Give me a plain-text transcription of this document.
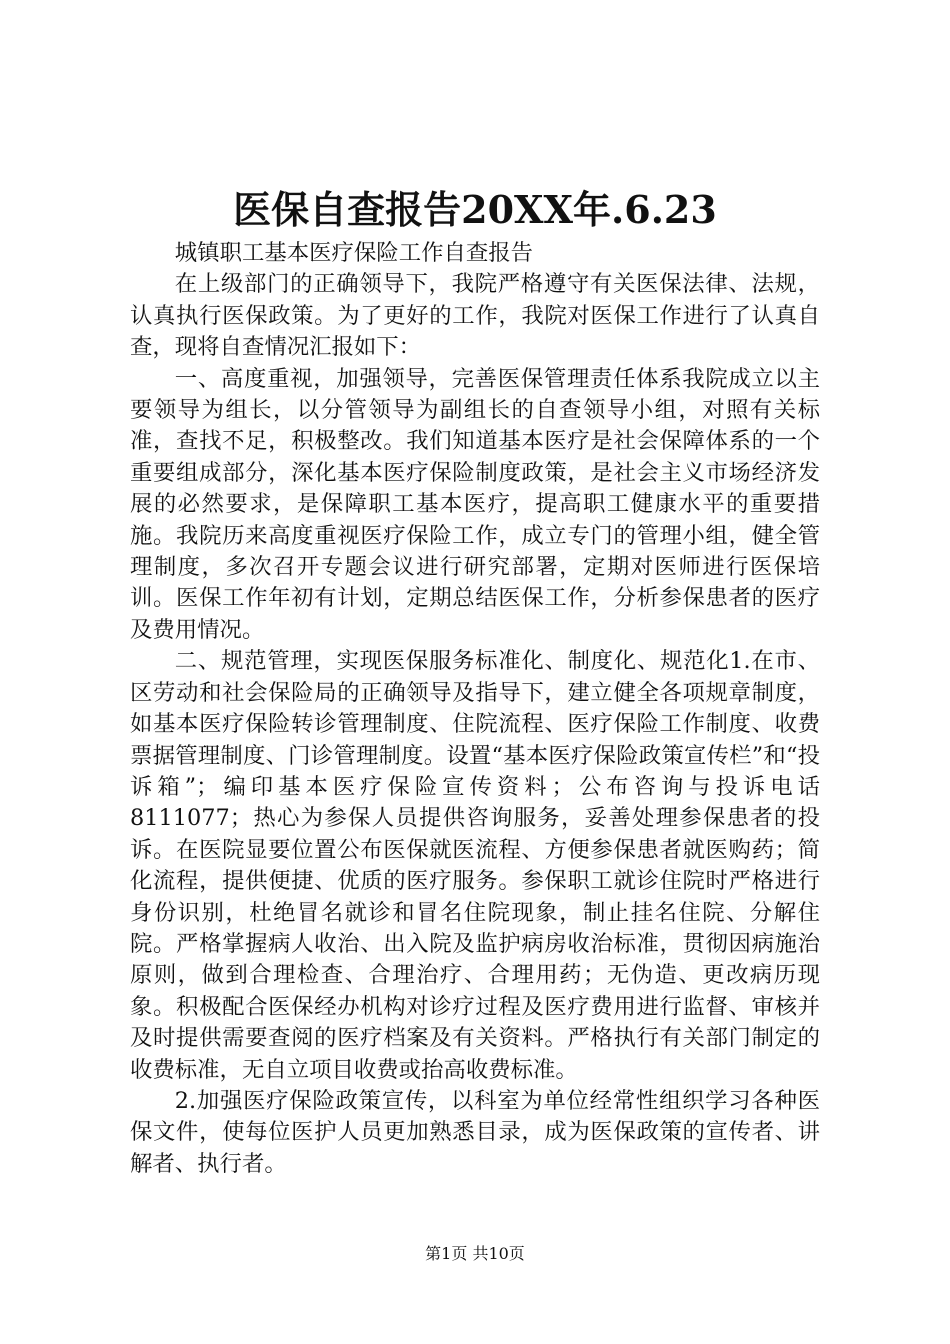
医保自查报告20XX年.6.23

城镇职工基本医疗保险工作自查报告

在上级部门的正确领导下，我院严格遵守有关医保法律、法规，认真执行医保政策。为了更好的工作，我院对医保工作进行了认真自查，现将自查情况汇报如下：

一、高度重视，加强领导，完善医保管理责任体系我院成立以主要领导为组长，以分管领导为副组长的自查领导小组，对照有关标准，查找不足，积极整改。我们知道基本医疗是社会保障体系的一个重要组成部分，深化基本医疗保险制度政策，是社会主义市场经济发展的必然要求，是保障职工基本医疗，提高职工健康水平的重要措施。我院历来高度重视医疗保险工作，成立专门的管理小组，健全管理制度，多次召开专题会议进行研究部署，定期对医师进行医保培训。医保工作年初有计划，定期总结医保工作，分析参保患者的医疗及费用情况。

二、规范管理，实现医保服务标准化、制度化、规范化1.在市、区劳动和社会保险局的正确领导及指导下，建立健全各项规章制度，如基本医疗保险转诊管理制度、住院流程、医疗保险工作制度、收费票据管理制度、门诊管理制度。设置“基本医疗保险政策宣传栏”和“投诉箱”；编印基本医疗保险宣传资料；公布咨询与投诉电话8111077；热心为参保人员提供咨询服务，妥善处理参保患者的投诉。在医院显要位置公布医保就医流程、方便参保患者就医购药；简化流程，提供便捷、优质的医疗服务。参保职工就诊住院时严格进行身份识别，杜绝冒名就诊和冒名住院现象，制止挂名住院、分解住院。严格掌握病人收治、出入院及监护病房收治标准，贯彻因病施治原则，做到合理检查、合理治疗、合理用药；无伪造、更改病历现象。积极配合医保经办机构对诊疗过程及医疗费用进行监督、审核并及时提供需要查阅的医疗档案及有关资料。严格执行有关部门制定的收费标准，无自立项目收费或抬高收费标准。

2.加强医疗保险政策宣传，以科室为单位经常性组织学习各种医保文件，使每位医护人员更加熟悉目录，成为医保政策的宣传者、讲解者、执行者。

第1页 共10页
